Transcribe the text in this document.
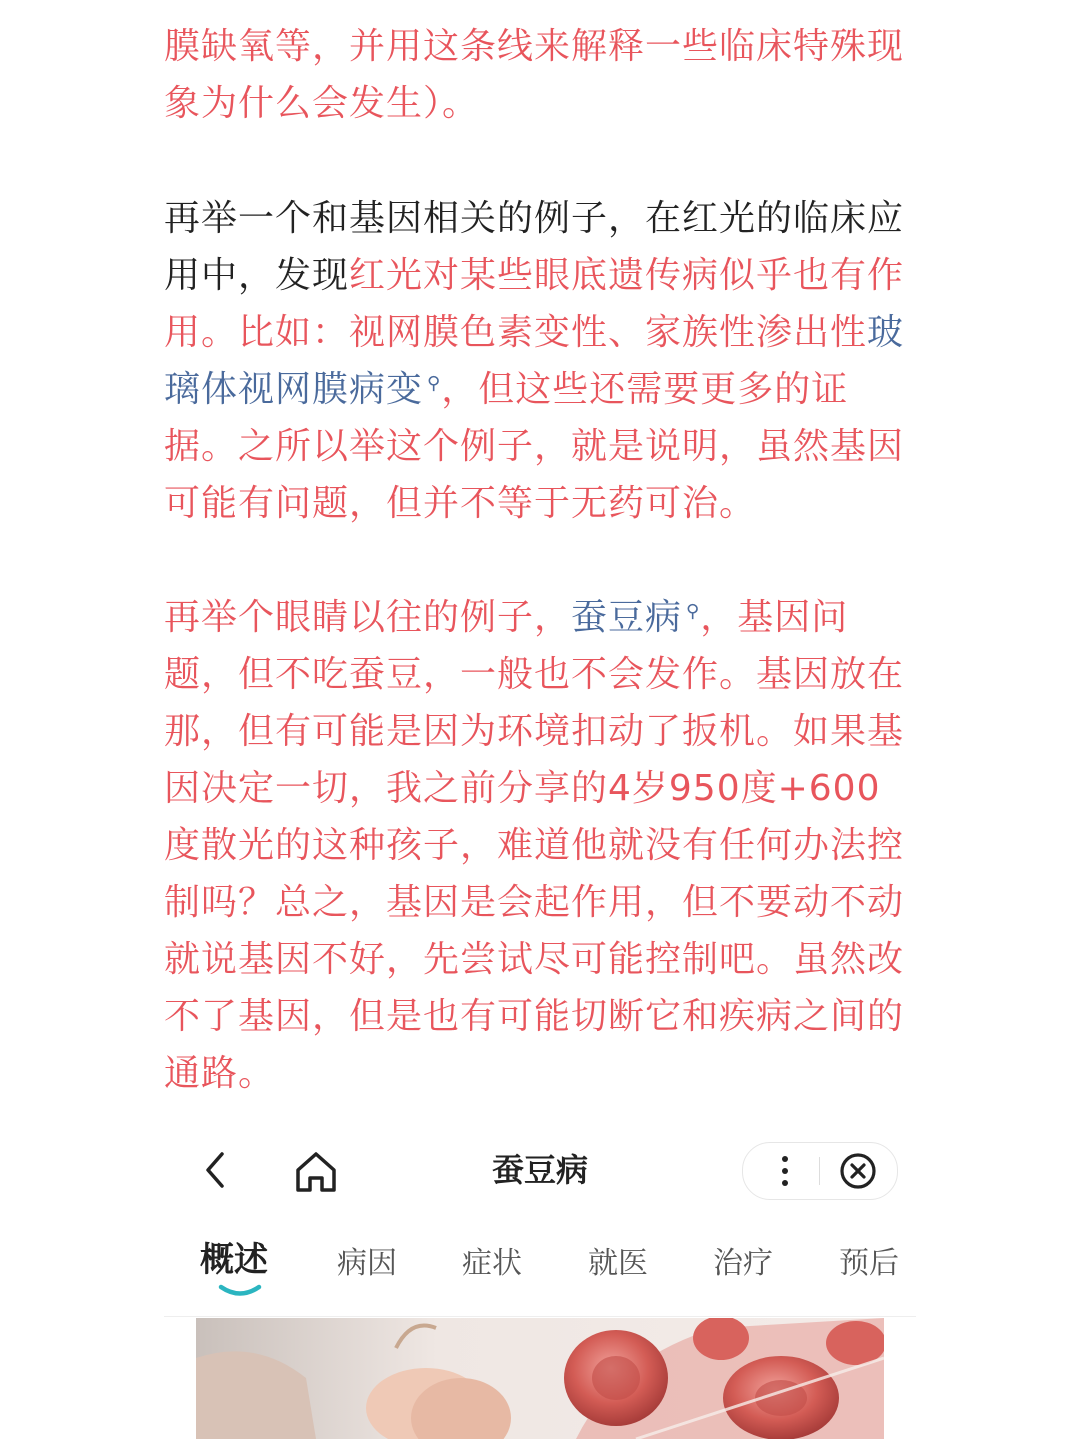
膜缺氧等，并用这条线来解释一些临床特殊现象为什么会发生）。

再举一个和基因相关的例子，在红光的临床应用中，发现红光对某些眼底遗传病似乎也有作用。比如：视网膜色素变性、家族性渗出性玻璃体视网膜病变 ⚲，但这些还需要更多的证据。之所以举这个例子，就是说明，虽然基因可能有问题，但并不等于无药可治。

再举个眼睛以往的例子，蚕豆病 ⚲，基因问题，但不吃蚕豆，一般也不会发作。基因放在那，但有可能是因为环境扣动了扳机。如果基因决定一切，我之前分享的4岁950度+600度散光的这种孩子，难道他就没有任何办法控制吗？总之，基因是会起作用，但不要动不动就说基因不好，先尝试尽可能控制吧。虽然改不了基因，但是也有可能切断它和疾病之间的通路。

蚕豆病
概述 病因 症状 就医 治疗 预后
